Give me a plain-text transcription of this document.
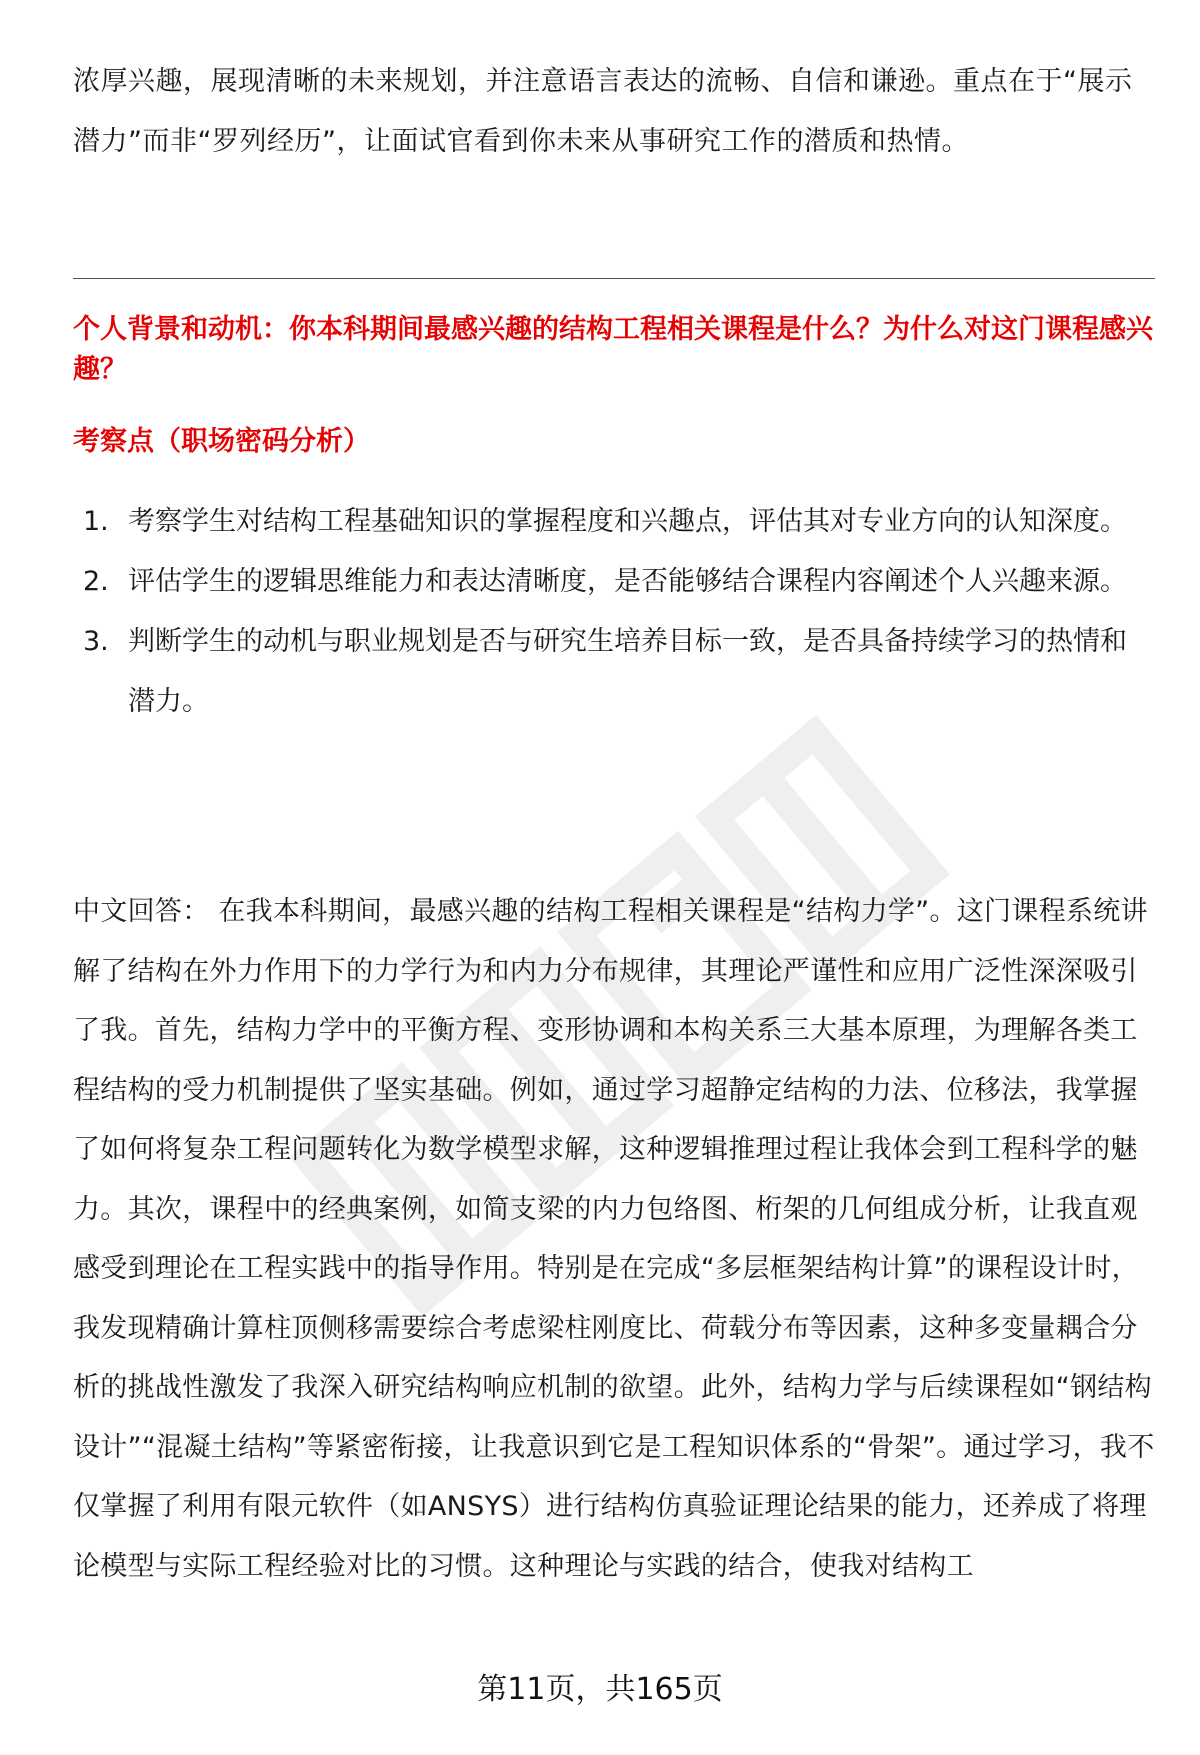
浓厚兴趣，展现清晰的未来规划，并注意语言表达的流畅、自信和谦逊。重点在于“展示潜力”而非“罗列经历”，让面试官看到你未来从事研究工作的潜质和热情。
个人背景和动机：你本科期间最感兴趣的结构工程相关课程是什么？为什么对这门课程感兴趣？
考察点（职场密码分析）
1. 考察学生对结构工程基础知识的掌握程度和兴趣点，评估其对专业方向的认知深度。
2. 评估学生的逻辑思维能力和表达清晰度，是否能够结合课程内容阐述个人兴趣来源。
3. 判断学生的动机与职业规划是否与研究生培养目标一致，是否具备持续学习的热情和潜力。
中文回答： 在我本科期间，最感兴趣的结构工程相关课程是“结构力学”。这门课程系统讲解了结构在外力作用下的力学行为和内力分布规律，其理论严谨性和应用广泛性深深吸引了我。首先，结构力学中的平衡方程、变形协调和本构关系三大基本原理，为理解各类工程结构的受力机制提供了坚实基础。例如，通过学习超静定结构的力法、位移法，我掌握了如何将复杂工程问题转化为数学模型求解，这种逻辑推理过程让我体会到工程科学的魅力。其次，课程中的经典案例，如简支梁的内力包络图、桁架的几何组成分析，让我直观感受到理论在工程实践中的指导作用。特别是在完成“多层框架结构计算”的课程设计时，我发现精确计算柱顶侧移需要综合考虑梁柱刚度比、荷载分布等因素，这种多变量耦合分析的挑战性激发了我深入研究结构响应机制的欲望。此外，结构力学与后续课程如“钢结构设计”“混凝土结构”等紧密衔接，让我意识到它是工程知识体系的“骨架”。通过学习，我不仅掌握了利用有限元软件（如ANSYS）进行结构仿真验证理论结果的能力，还养成了将理论模型与实际工程经验对比的习惯。这种理论与实践的结合，使我对结构工
第11页，共165页
